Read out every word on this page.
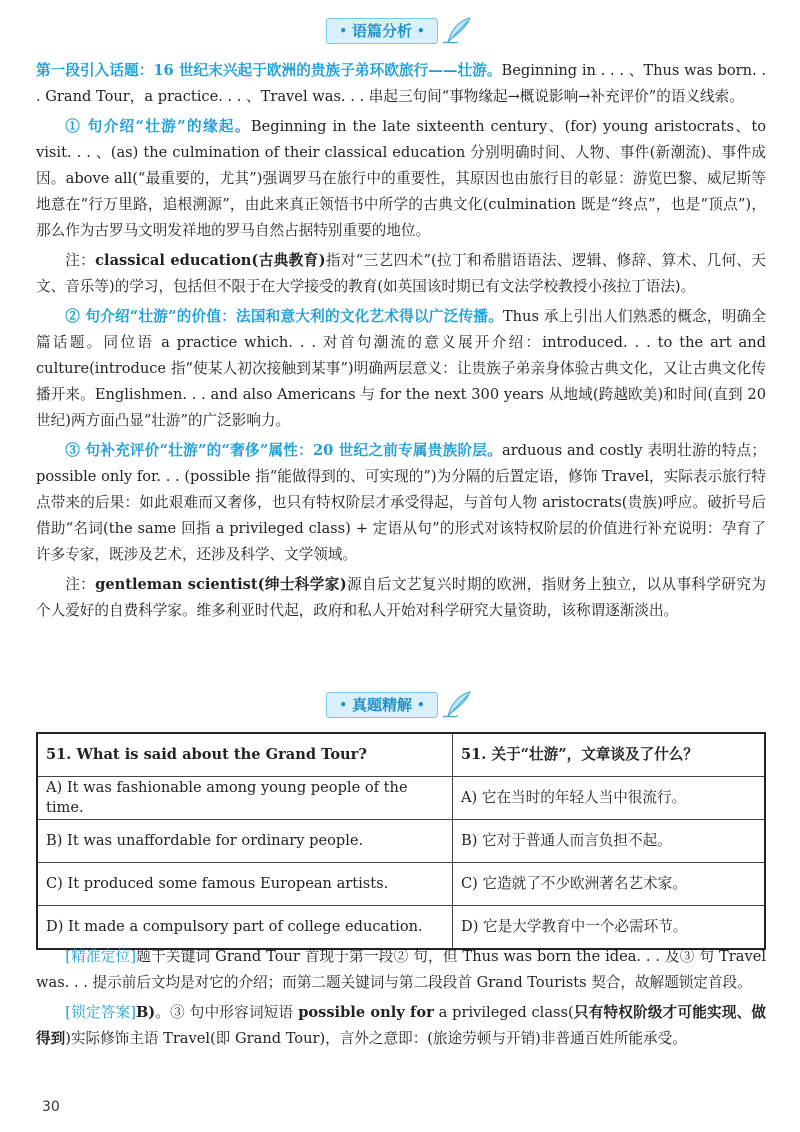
• 语篇分析 •

第一段引入话题：16 世纪末兴起于欧洲的贵族子弟环欧旅行——壮游。Beginning in . . . 、Thus was born. . . Grand Tour，a practice. . . 、Travel was. . . 串起三句间“事物缘起→概说影响→补充评价”的语义线索。

① 句介绍“壮游”的缘起。Beginning in the late sixteenth century、(for) young aristocrats、to visit. . . 、(as) the culmination of their classical education 分别明确时间、人物、事件(新潮流)、事件成因。above all(“最重要的，尤其”)强调罗马在旅行中的重要性，其原因也由旅行目的彰显：游览巴黎、威尼斯等地意在“行万里路，追根溯源”，由此来真正领悟书中所学的古典文化(culmination 既是“终点”，也是“顶点”)，那么作为古罗马文明发祥地的罗马自然占据特别重要的地位。

注：classical education(古典教育)指对“三艺四术”(拉丁和希腊语语法、逻辑、修辞、算术、几何、天文、音乐等)的学习，包括但不限于在大学接受的教育(如英国该时期已有文法学校教授小孩拉丁语法)。

② 句介绍“壮游”的价值：法国和意大利的文化艺术得以广泛传播。Thus 承上引出人们熟悉的概念，明确全篇话题。同位语 a practice which. . . 对首句潮流的意义展开介绍：introduced. . . to the art and culture(introduce 指“使某人初次接触到某事”)明确两层意义：让贵族子弟亲身体验古典文化，又让古典文化传播开来。Englishmen. . . and also Americans 与 for the next 300 years 从地域(跨越欧美)和时间(直到 20 世纪)两方面凸显“壮游”的广泛影响力。

③ 句补充评价“壮游”的“奢侈”属性：20 世纪之前专属贵族阶层。arduous and costly 表明壮游的特点；possible only for. . . (possible 指“能做得到的、可实现的”)为分隔的后置定语，修饰 Travel，实际表示旅行特点带来的后果：如此艰难而又奢侈，也只有特权阶层才承受得起，与首句人物 aristocrats(贵族)呼应。破折号后借助“名词(the same 回指 a privileged class) + 定语从句”的形式对该特权阶层的价值进行补充说明：孕育了许多专家，既涉及艺术，还涉及科学、文学领域。

注：gentleman scientist(绅士科学家)源自后文艺复兴时期的欧洲，指财务上独立，以从事科学研究为个人爱好的自费科学家。维多利亚时代起，政府和私人开始对科学研究大量资助，该称谓逐渐淡出。

• 真题精解 •
51. What is said about the Grand Tour?	51. 关于“壮游”，文章谈及了什么？
A) It was fashionable among young people of the time.	A) 它在当时的年轻人当中很流行。
B) It was unaffordable for ordinary people.	B) 它对于普通人而言负担不起。
C) It produced some famous European artists.	C) 它造就了不少欧洲著名艺术家。
D) It made a compulsory part of college education.	D) 它是大学教育中一个必需环节。

[精准定位]题干关键词 Grand Tour 首现于第一段② 句，但 Thus was born the idea. . . 及③ 句 Travel was. . . 提示前后文均是对它的介绍；而第二题关键词与第二段段首 Grand Tourists 契合，故解题锁定首段。

[锁定答案]B)。③ 句中形容词短语 possible only for a privileged class(只有特权阶级才可能实现、做得到)实际修饰主语 Travel(即 Grand Tour)，言外之意即：(旅途劳顿与开销)非普通百姓所能承受。

30
